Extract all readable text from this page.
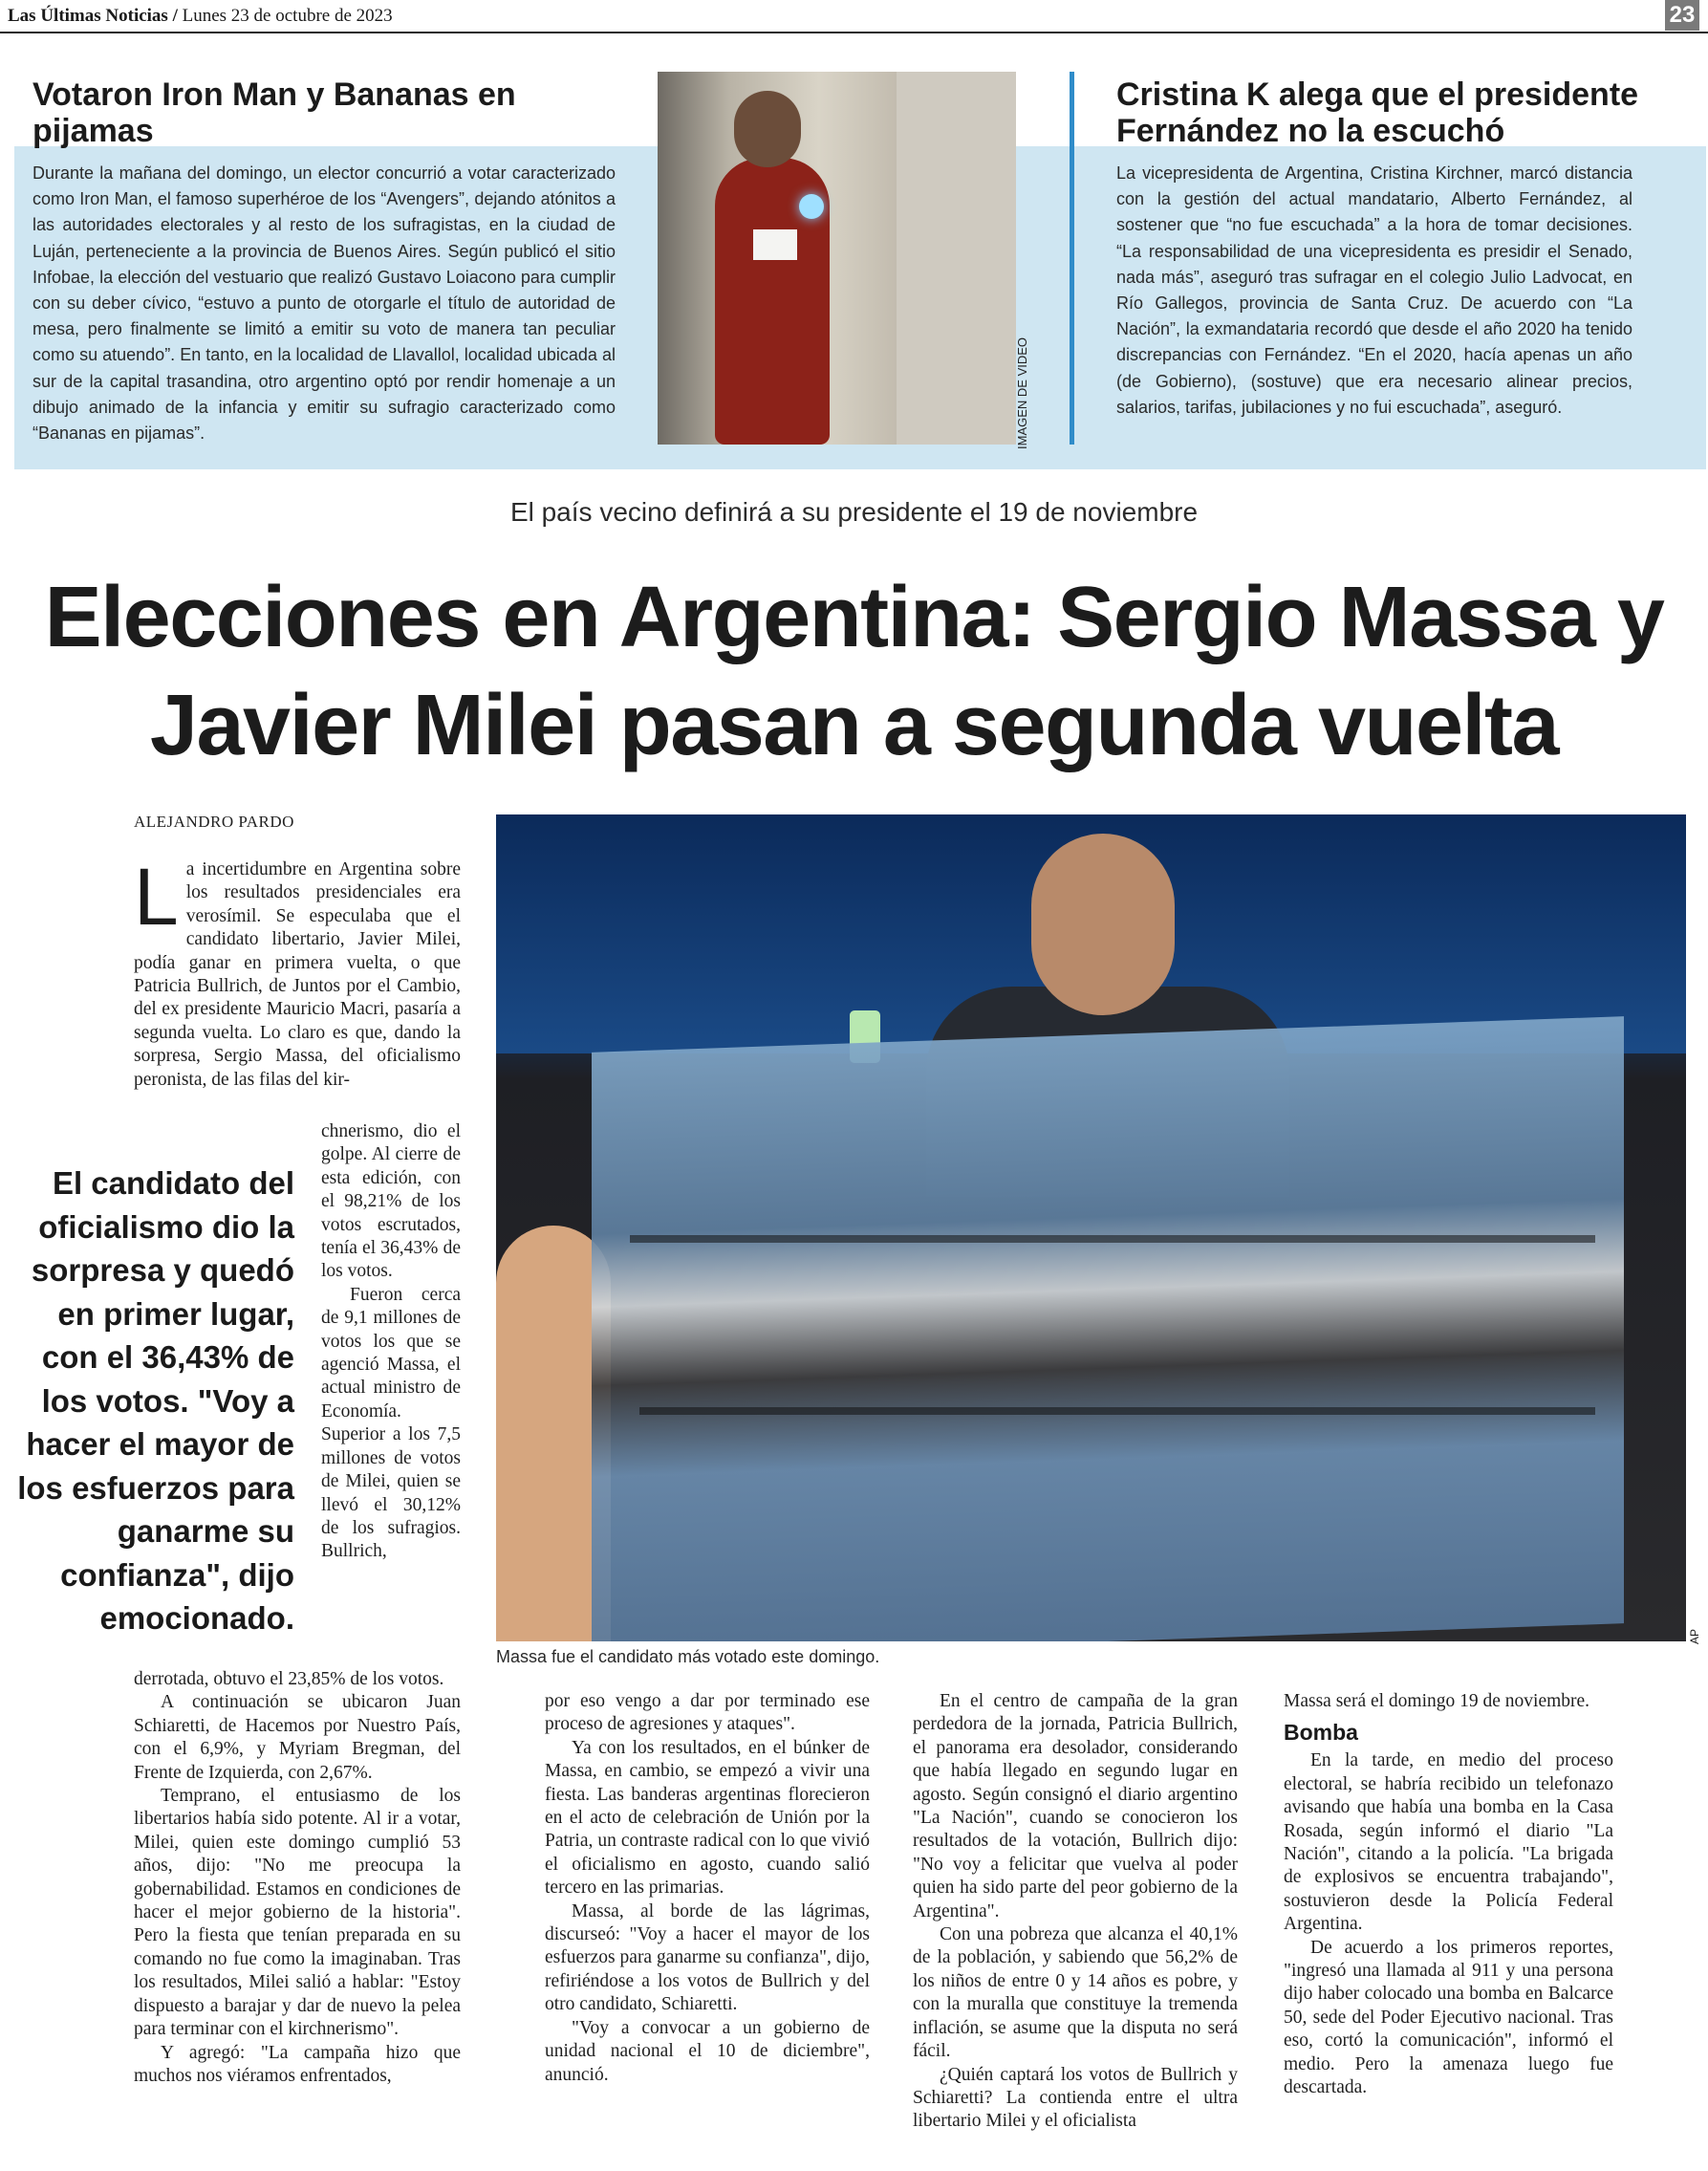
Las Últimas Noticias / Lunes 23 de octubre de 2023	23
Votaron Iron Man y Bananas en pijamas
Durante la mañana del domingo, un elector concurrió a votar caracterizado como Iron Man, el famoso superhéroe de los “Avengers”, dejando atónitos a las autoridades electorales y al resto de los sufragistas, en la ciudad de Luján, perteneciente a la provincia de Buenos Aires. Según publicó el sitio Infobae, la elección del vestuario que realizó Gustavo Loiacono para cumplir con su deber cívico, “estuvo a punto de otorgarle el título de autoridad de mesa, pero finalmente se limitó a emitir su voto de manera tan peculiar como su atuendo”. En tanto, en la localidad de Llavallol, localidad ubicada al sur de la capital trasandina, otro argentino optó por rendir homenaje a un dibujo animado de la infancia y emitir su sufragio caracterizado como “Bananas en pijamas”.	IMAGEN DE VIDEO
Cristina K alega que el presidente Fernández no la escuchó
La vicepresidenta de Argentina, Cristina Kirchner, marcó distancia con la gestión del actual mandatario, Alberto Fernández, al sostener que “no fue escuchada” a la hora de tomar decisiones. “La responsabilidad de una vicepresidenta es presidir el Senado, nada más”, aseguró tras sufragar en el colegio Julio Ladvocat, en Río Gallegos, provincia de Santa Cruz. De acuerdo con “La Nación”, la exmandataria recordó que desde el año 2020 ha tenido discrepancias con Fernández. “En el 2020, hacía apenas un año (de Gobierno), (sostuve) que era necesario alinear precios, salarios, tarifas, jubilaciones y no fui escuchada”, aseguró.
El país vecino definirá a su presidente el 19 de noviembre
Elecciones en Argentina: Sergio Massa y Javier Milei pasan a segunda vuelta
ALEJANDRO PARDO
La incertidumbre en Argentina sobre los resultados presidenciales era verosímil. Se especulaba que el candidato libertario, Javier Milei, podía ganar en primera vuelta, o que Patricia Bullrich, de Juntos por el Cambio, del ex presidente Mauricio Macri, pasaría a segunda vuelta. Lo claro es que, dando la sorpresa, Sergio Massa, del oficialismo peronista, de las filas del kir-

chnerismo, dio el golpe. Al cierre de esta edición, con el 98,21% de los votos escrutados, tenía el 36,43% de los votos.

Fueron cerca de 9,1 millones de votos los que se agenció Massa, el actual ministro de Economía. Superior a los 7,5 millones de votos de Milei, quien se llevó el 30,12% de los sufragios. Bullrich,

El candidato del oficialismo dio la sorpresa y quedó en primer lugar, con el 36,43% de los votos. "Voy a hacer el mayor de los esfuerzos para ganarme su confianza", dijo emocionado.
derrotada, obtuvo el 23,85% de los votos.
A continuación se ubicaron Juan Schiaretti, de Hacemos por Nuestro País, con el 6,9%, y Myriam Bregman, del Frente de Izquierda, con 2,67%.
Temprano, el entusiasmo de los libertarios había sido potente. Al ir a votar, Milei, quien este domingo cumplió 53 años, dijo: "No me preocupa la gobernabilidad. Estamos en condiciones de hacer el mejor gobierno de la historia". Pero la fiesta que tenían preparada en su comando no fue como la imaginaban. Tras los resultados, Milei salió a hablar: "Estoy dispuesto a barajar y dar de nuevo la pelea para terminar con el kirchnerismo".
Y agregó: "La campaña hizo que muchos nos viéramos enfrentados,
AP
Massa fue el candidato más votado este domingo.
por eso vengo a dar por terminado ese proceso de agresiones y ataques".
Ya con los resultados, en el búnker de Massa, en cambio, se empezó a vivir una fiesta. Las banderas argentinas florecieron en el acto de celebración de Unión por la Patria, un contraste radical con lo que vivió el oficialismo en agosto, cuando salió tercero en las primarias.
Massa, al borde de las lágrimas, discurseó: "Voy a hacer el mayor de los esfuerzos para ganarme su confianza", dijo, refiriéndose a los votos de Bullrich y del otro candidato, Schiaretti.
"Voy a convocar a un gobierno de unidad nacional el 10 de diciembre", anunció.
En el centro de campaña de la gran perdedora de la jornada, Patricia Bullrich, el panorama era desolador, considerando que había llegado en segundo lugar en agosto. Según consignó el diario argentino "La Nación", cuando se conocieron los resultados de la votación, Bullrich dijo: "No voy a felicitar que vuelva al poder quien ha sido parte del peor gobierno de la Argentina".
Con una pobreza que alcanza el 40,1% de la población, y sabiendo que 56,2% de los niños de entre 0 y 14 años es pobre, y con la muralla que constituye la tremenda inflación, se asume que la disputa no será fácil.
¿Quién captará los votos de Bullrich y Schiaretti? La contienda entre el ultra libertario Milei y el oficialista
Massa será el domingo 19 de noviembre.
Bomba
En la tarde, en medio del proceso electoral, se habría recibido un telefonazo avisando que había una bomba en la Casa Rosada, según informó el diario "La Nación", citando a la policía. "La brigada de explosivos se encuentra trabajando", sostuvieron desde la Policía Federal Argentina.
De acuerdo a los primeros reportes, "ingresó una llamada al 911 y una persona dijo haber colocado una bomba en Balcarce 50, sede del Poder Ejecutivo nacional. Tras eso, cortó la comunicación", informó el medio. Pero la amenaza luego fue descartada.
